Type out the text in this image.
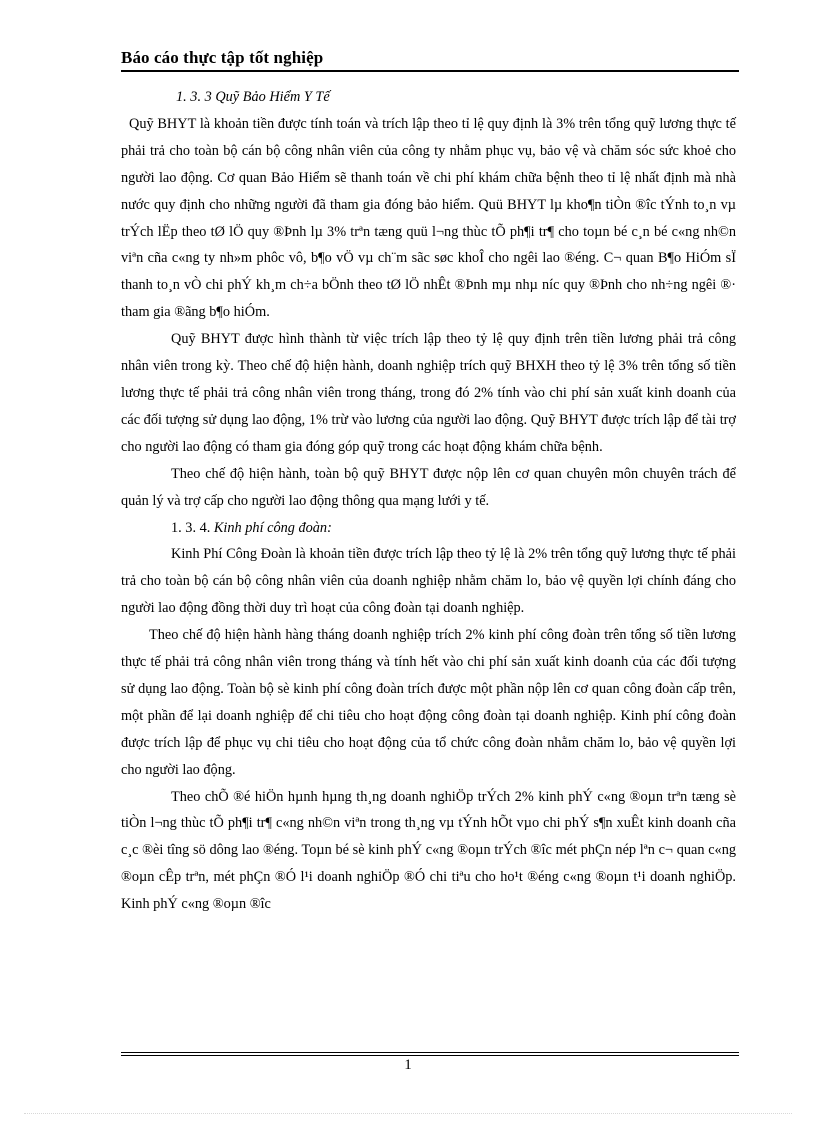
Báo cáo thực tập tốt nghiệp

1. 3. 3 Quỹ Bảo Hiểm Y Tế

Quỹ BHYT là khoản tiền được tính toán và trích lập theo tỉ lệ quy định là 3% trên tổng quỹ lương thực tế phải trả cho toàn bộ cán bộ công nhân viên của công ty nhằm phục vụ, bảo vệ và chăm sóc sức khoẻ cho người lao động. Cơ quan Bảo Hiểm sẽ thanh toán về chi phí khám chữa bệnh theo tỉ lệ nhất định mà nhà nước quy định cho những người đã tham gia đóng bảo hiểm. Quü BHYT lµ kho¶n tiÒn ®îc tÝnh to¸n vµ trÝch lËp theo tØ lÖ quy ®Þnh lµ 3% trªn tæng quü l¬ng thùc tÕ ph¶i tr¶ cho toµn bé c¸n bé c«ng nh©n viªn cña c«ng ty nh»m phôc vô, b¶o vÖ vµ ch¨m sãc søc khoÎ cho ngêi lao ®éng. C¬ quan B¶o HiÓm sÏ thanh to¸n vÒ chi phÝ kh¸m ch÷a bÖnh theo tØ lÖ nhÊt ®Þnh mµ nhµ níc quy ®Þnh cho nh÷ng ngêi ®· tham gia ®ãng b¶o hiÓm.

Quỹ BHYT được hình thành từ việc trích lập theo tỷ lệ quy định trên tiền lương phải trả công nhân viên trong kỳ. Theo chế độ hiện hành, doanh nghiệp trích quỹ BHXH theo tỷ lệ 3% trên tổng số tiền lương thực tế phải trả công nhân viên trong tháng, trong đó 2% tính vào chi phí sản xuất kinh doanh của các đối tượng sử dụng lao động, 1% trừ vào lương của người lao động. Quỹ BHYT được trích lập để tài trợ cho người lao động có tham gia đóng góp quỹ trong các hoạt động khám chữa bệnh.

Theo chế độ hiện hành, toàn bộ quỹ BHYT được nộp lên cơ quan chuyên môn chuyên trách để quản lý và trợ cấp cho người lao động thông qua mạng lưới y tế.

1. 3. 4. Kinh phí công đoàn:

Kinh Phí Công Đoàn là khoản tiền được trích lập theo tỷ lệ là 2% trên tổng quỹ lương thực tế phải trả cho toàn bộ cán bộ công nhân viên của doanh nghiệp nhằm chăm lo, bảo vệ quyền lợi chính đáng cho người lao động đồng thời duy trì hoạt của công đoàn tại doanh nghiệp.

Theo chế độ hiện hành hàng tháng doanh nghiệp trích 2% kinh phí công đoàn trên tổng số tiền lương thực tế phải trả công nhân viên trong tháng và tính hết vào chi phí sản xuất kinh doanh của các đối tượng sử dụng lao động. Toàn bộ sè kinh phí công đoàn trích được một phần nộp lên cơ quan công đoàn cấp trên, một phần để lại doanh nghiệp để chi tiêu cho hoạt động công đoàn tại doanh nghiệp. Kinh phí công đoàn được trích lập để phục vụ chi tiêu cho hoạt động của tổ chức công đoàn nhằm chăm lo, bảo vệ quyền lợi cho người lao động.

Theo chÕ ®é hiÖn hµnh hµng th¸ng doanh nghiÖp trÝch 2% kinh phÝ c«ng ®oµn trªn tæng sè tiÒn l¬ng thùc tÕ ph¶i tr¶ c«ng nh©n viªn trong th¸ng vµ tÝnh hÕt vµo chi phÝ s¶n xuÊt kinh doanh cña c¸c ®èi tîng sö dông lao ®éng. Toµn bé sè kinh phÝ c«ng ®oµn trÝch ®îc mét phÇn nép lªn c¬ quan c«ng ®oµn cÊp trªn, mét phÇn ®Ó l¹i doanh nghiÖp ®Ó chi tiªu cho ho¹t ®éng c«ng ®oµn t¹i doanh nghiÖp. Kinh phÝ c«ng ®oµn ®îc

1
